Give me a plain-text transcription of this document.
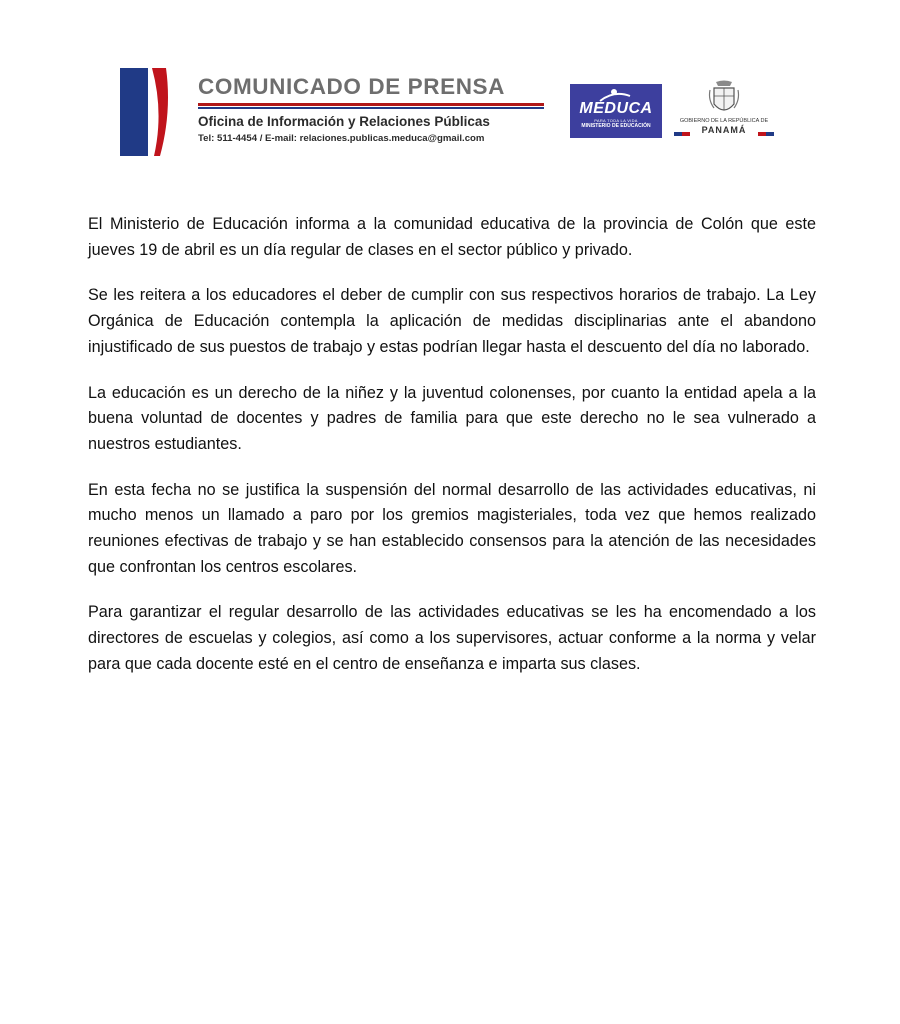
COMUNICADO DE PRENSA
Oficina de Información y Relaciones Públicas
Tel: 511-4454 / E-mail: relaciones.publicas.meduca@gmail.com
MEDUCA
PARA TODA LA VIDA
MINISTERIO DE EDUCACIÓN
GOBIERNO DE LA REPÚBLICA DE
PANAMÁ

El Ministerio de Educación informa a la comunidad educativa de la provincia de Colón que este jueves 19 de abril es un día regular de clases en el sector público y privado.

Se les reitera a los educadores el deber de cumplir con sus respectivos horarios de trabajo. La Ley Orgánica de Educación contempla la aplicación de medidas disciplinarias ante el abandono injustificado de sus puestos de trabajo y estas podrían llegar hasta el descuento del día no laborado.

La educación es un derecho de la niñez y la juventud colonenses, por cuanto la entidad apela a la buena voluntad de docentes y padres de familia para que este derecho no le sea vulnerado a nuestros estudiantes.

En esta fecha no se justifica la suspensión del normal desarrollo de las actividades educativas, ni mucho menos un llamado a paro por los gremios magisteriales, toda vez que hemos realizado reuniones efectivas de trabajo y se han establecido consensos para la atención de las necesidades que confrontan los centros escolares.

Para garantizar el regular desarrollo de las actividades educativas se les ha encomendado a los directores de escuelas y colegios, así como a los supervisores, actuar conforme a la norma y velar para que cada docente esté en el centro de enseñanza e imparta sus clases.
